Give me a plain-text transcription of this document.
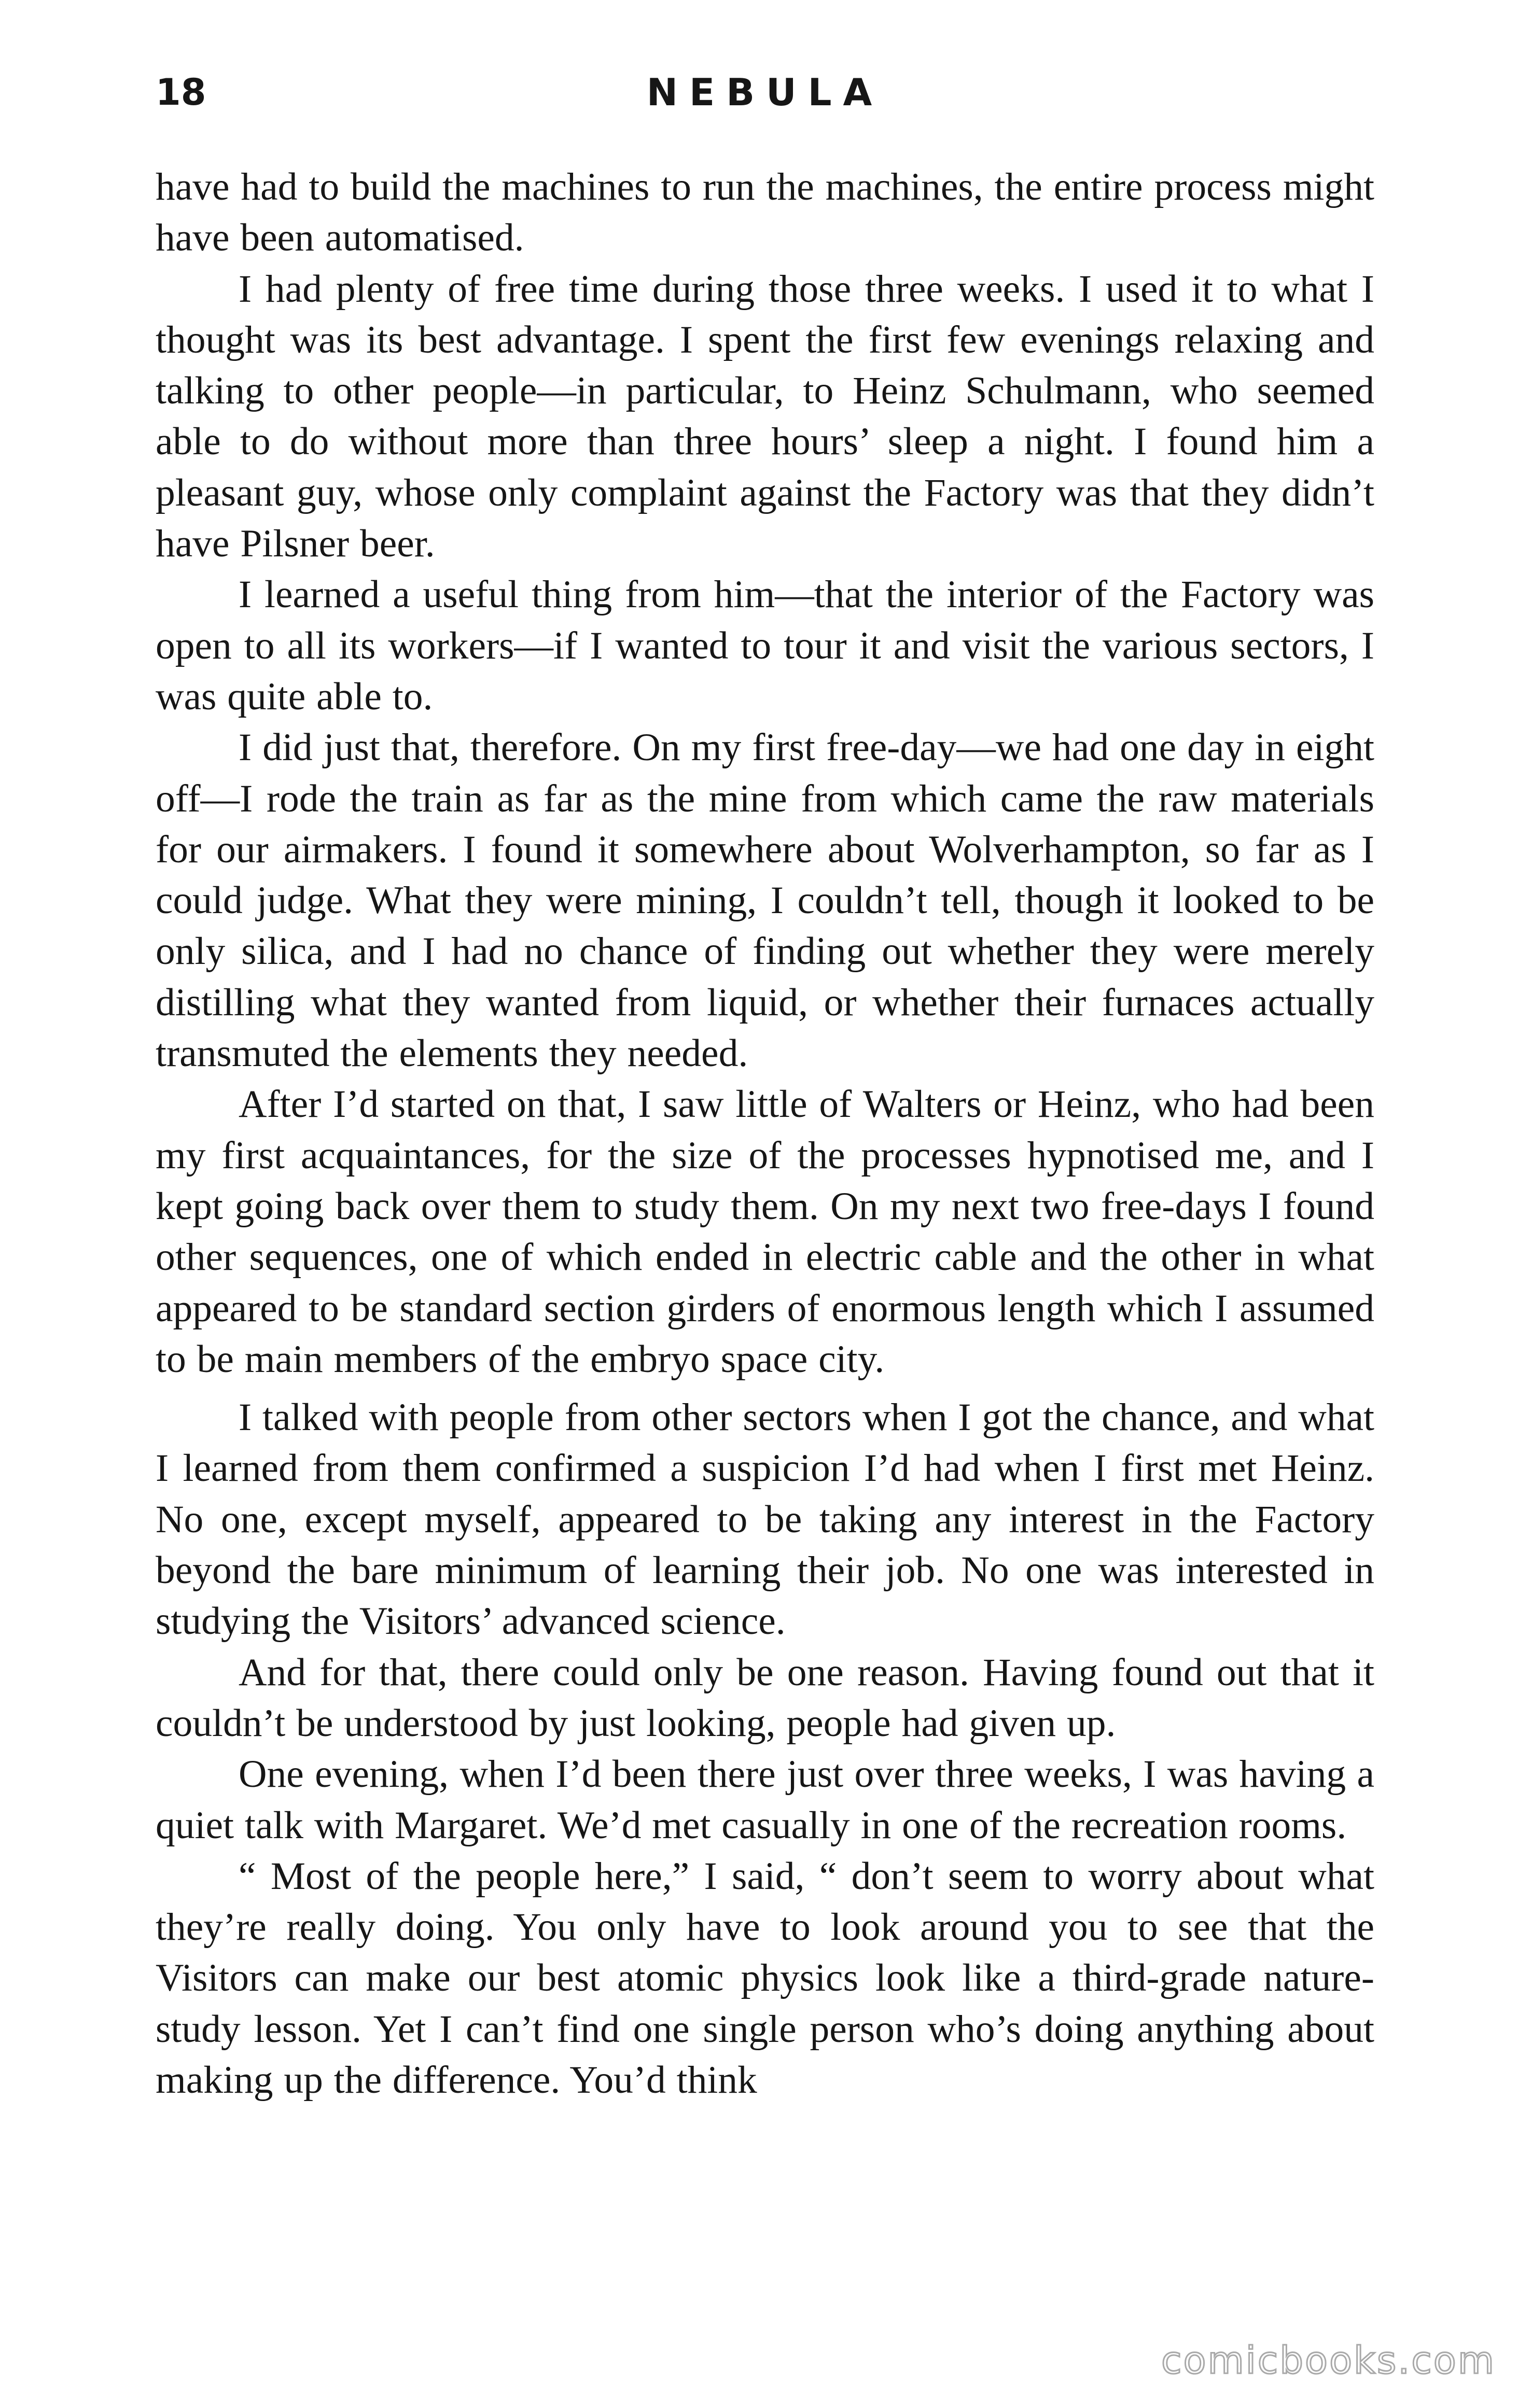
18	NEBULA

have had to build the machines to run the machines, the entire process might have been automatised.

I had plenty of free time during those three weeks. I used it to what I thought was its best advantage. I spent the first few evenings relaxing and talking to other people—in particular, to Heinz Schulmann, who seemed able to do without more than three hours’ sleep a night. I found him a pleasant guy, whose only complaint against the Factory was that they didn’t have Pilsner beer.

I learned a useful thing from him—that the interior of the Factory was open to all its workers—if I wanted to tour it and visit the various sectors, I was quite able to.

I did just that, therefore. On my first free-day—we had one day in eight off—I rode the train as far as the mine from which came the raw materials for our airmakers. I found it somewhere about Wolverhampton, so far as I could judge. What they were mining, I couldn’t tell, though it looked to be only silica, and I had no chance of finding out whether they were merely distilling what they wanted from liquid, or whether their furnaces actually transmuted the elements they needed.

After I’d started on that, I saw little of Walters or Heinz, who had been my first acquaintances, for the size of the processes hypnotised me, and I kept going back over them to study them. On my next two free-days I found other sequences, one of which ended in electric cable and the other in what appeared to be standard section girders of enormous length which I assumed to be main members of the embryo space city.

I talked with people from other sectors when I got the chance, and what I learned from them confirmed a suspicion I’d had when I first met Heinz. No one, except myself, appeared to be taking any interest in the Factory beyond the bare minimum of learning their job. No one was interested in studying the Visitors’ advanced science.

And for that, there could only be one reason. Having found out that it couldn’t be understood by just looking, people had given up.

One evening, when I’d been there just over three weeks, I was having a quiet talk with Margaret. We’d met casually in one of the recreation rooms.

“ Most of the people here,” I said, “ don’t seem to worry about what they’re really doing. You only have to look around you to see that the Visitors can make our best atomic physics look like a third-grade nature-study lesson. Yet I can’t find one single person who’s doing anything about making up the difference. You’d think

comicbooks.com
